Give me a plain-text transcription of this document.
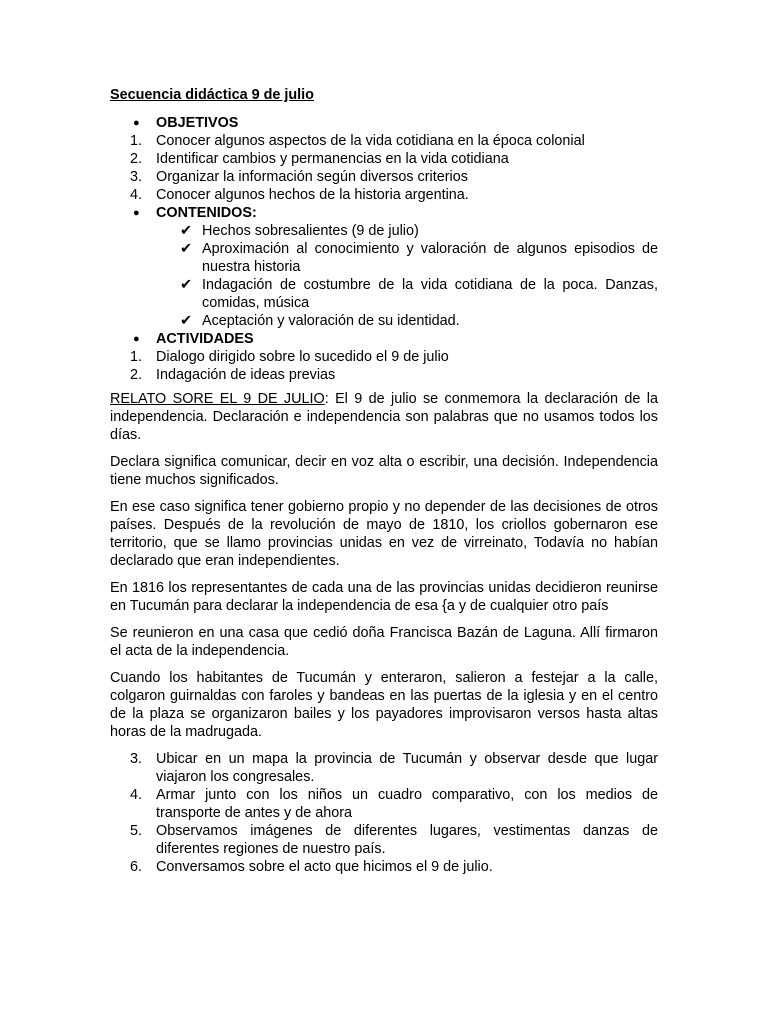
Secuencia didáctica 9 de julio
●	OBJETIVOS
1. Conocer algunos aspectos de la vida cotidiana en la época colonial
2. Identificar cambios y permanencias en la vida cotidiana
3. Organizar la información según diversos criterios
4. Conocer algunos hechos de la historia argentina.
●	CONTENIDOS:
✔ Hechos sobresalientes (9 de julio)
✔ Aproximación al conocimiento y valoración de algunos episodios de nuestra historia
✔ Indagación de costumbre de la vida cotidiana de la poca. Danzas, comidas, música
✔ Aceptación y valoración de su identidad.
●	ACTIVIDADES
1. Dialogo dirigido sobre lo sucedido el 9 de julio
2. Indagación de ideas previas

RELATO SORE EL 9 DE JULIO: El 9 de julio se conmemora la declaración de la independencia. Declaración e independencia son palabras que no usamos todos los días.

Declara significa comunicar, decir en voz alta o escribir, una decisión. Independencia tiene muchos significados.

En ese caso significa tener gobierno propio y no depender de las decisiones de otros países. Después de la revolución de mayo de 1810, los criollos gobernaron ese territorio, que se llamo provincias unidas en vez de virreinato, Todavía no habían declarado que eran independientes.

En 1816 los representantes de cada una de las provincias unidas decidieron reunirse en Tucumán para declarar la independencia de esa {a y de cualquier otro país

Se reunieron en una casa que cedió doña Francisca Bazán de Laguna. Allí firmaron el acta de la independencia.

Cuando los habitantes de Tucumán y enteraron, salieron a festejar a la calle, colgaron guirnaldas con faroles y bandeas en las puertas de la iglesia y en el centro de la plaza se organizaron bailes y los payadores improvisaron versos hasta altas horas de la madrugada.

3. Ubicar en un mapa la provincia de Tucumán y observar desde que lugar viajaron los congresales.
4. Armar junto con los niños un cuadro comparativo, con los medios de transporte de antes y de ahora
5. Observamos imágenes de diferentes lugares, vestimentas danzas de diferentes regiones de nuestro país.
6. Conversamos sobre el acto que hicimos el 9 de julio.
